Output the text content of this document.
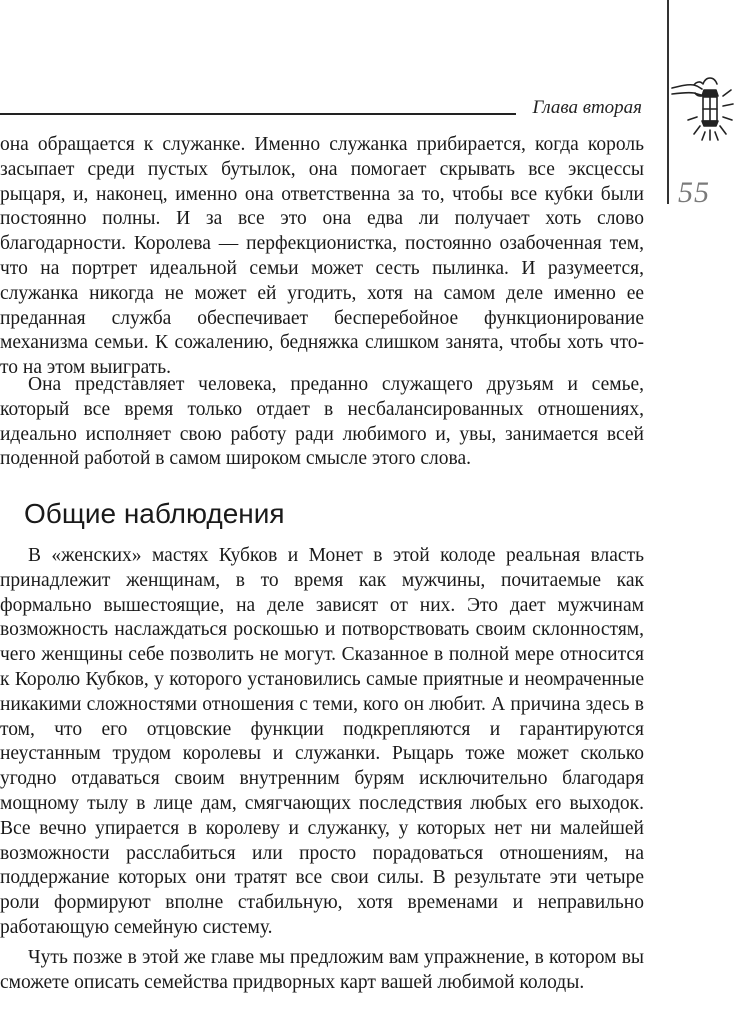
Глава вторая
55

она обращается к служанке. Именно служанка прибирается, когда король засыпает среди пустых бутылок, она помогает скрывать все эксцессы рыцаря, и, наконец, именно она ответственна за то, чтобы все кубки были постоянно полны. И за все это она едва ли получает хоть слово благодарности. Королева — перфекционистка, постоянно озабоченная тем, что на портрет идеальной семьи может сесть пылинка. И разумеется, служанка никогда не может ей угодить, хотя на самом деле именно ее преданная служба обеспечивает бесперебойное функционирование механизма семьи. К сожалению, бедняжка слишком занята, чтобы хоть что-то на этом выиграть.

Она представляет человека, преданно служащего друзьям и семье, который все время только отдает в несбалансированных отношениях, идеально исполняет свою работу ради любимого и, увы, занимается всей поденной работой в самом широком смысле этого слова.

Общие наблюдения

В «женских» мастях Кубков и Монет в этой колоде реальная власть принадлежит женщинам, в то время как мужчины, почитаемые как формально вышестоящие, на деле зависят от них. Это дает мужчинам возможность наслаждаться роскошью и потворствовать своим склонностям, чего женщины себе позволить не могут. Сказанное в полной мере относится к Королю Кубков, у которого установились самые приятные и неомраченные никакими сложностями отношения с теми, кого он любит. А причина здесь в том, что его отцовские функции подкрепляются и гарантируются неустанным трудом королевы и служанки. Рыцарь тоже может сколько угодно отдаваться своим внутренним бурям исключительно благодаря мощному тылу в лице дам, смягчающих последствия любых его выходок. Все вечно упирается в королеву и служанку, у которых нет ни малейшей возможности расслабиться или просто порадоваться отношениям, на поддержание которых они тратят все свои силы. В результате эти четыре роли формируют вполне стабильную, хотя временами и неправильно работающую семейную систему.

Чуть позже в этой же главе мы предложим вам упражнение, в котором вы сможете описать семейства придворных карт вашей любимой колоды.
